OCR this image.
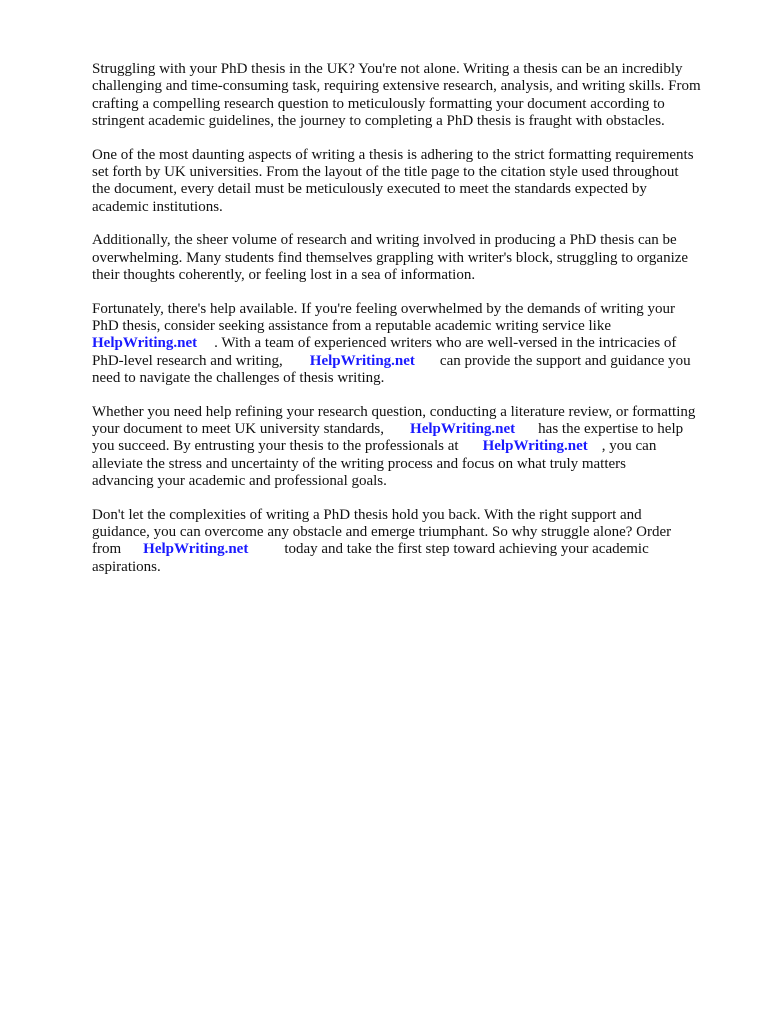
Struggling with your PhD thesis in the UK? You're not alone. Writing a thesis can be an incredibly
challenging and time-consuming task, requiring extensive research, analysis, and writing skills. From
crafting a compelling research question to meticulously formatting your document according to
stringent academic guidelines, the journey to completing a PhD thesis is fraught with obstacles.

One of the most daunting aspects of writing a thesis is adhering to the strict formatting requirements
set forth by UK universities. From the layout of the title page to the citation style used throughout
the document, every detail must be meticulously executed to meet the standards expected by
academic institutions.

Additionally, the sheer volume of research and writing involved in producing a PhD thesis can be
overwhelming. Many students find themselves grappling with writer's block, struggling to organize
their thoughts coherently, or feeling lost in a sea of information.

Fortunately, there's help available. If you're feeling overwhelmed by the demands of writing your
PhD thesis, consider seeking assistance from a reputable academic writing service like
HelpWriting.net . With a team of experienced writers who are well-versed in the intricacies of
PhD-level research and writing, HelpWriting.net can provide the support and guidance you
need to navigate the challenges of thesis writing.

Whether you need help refining your research question, conducting a literature review, or formatting
your document to meet UK university standards, HelpWriting.net has the expertise to help
you succeed. By entrusting your thesis to the professionals at HelpWriting.net , you can
alleviate the stress and uncertainty of the writing process and focus on what truly matters
advancing your academic and professional goals.

Don't let the complexities of writing a PhD thesis hold you back. With the right support and
guidance, you can overcome any obstacle and emerge triumphant. So why struggle alone? Order
from HelpWriting.net today and take the first step toward achieving your academic
aspirations.
